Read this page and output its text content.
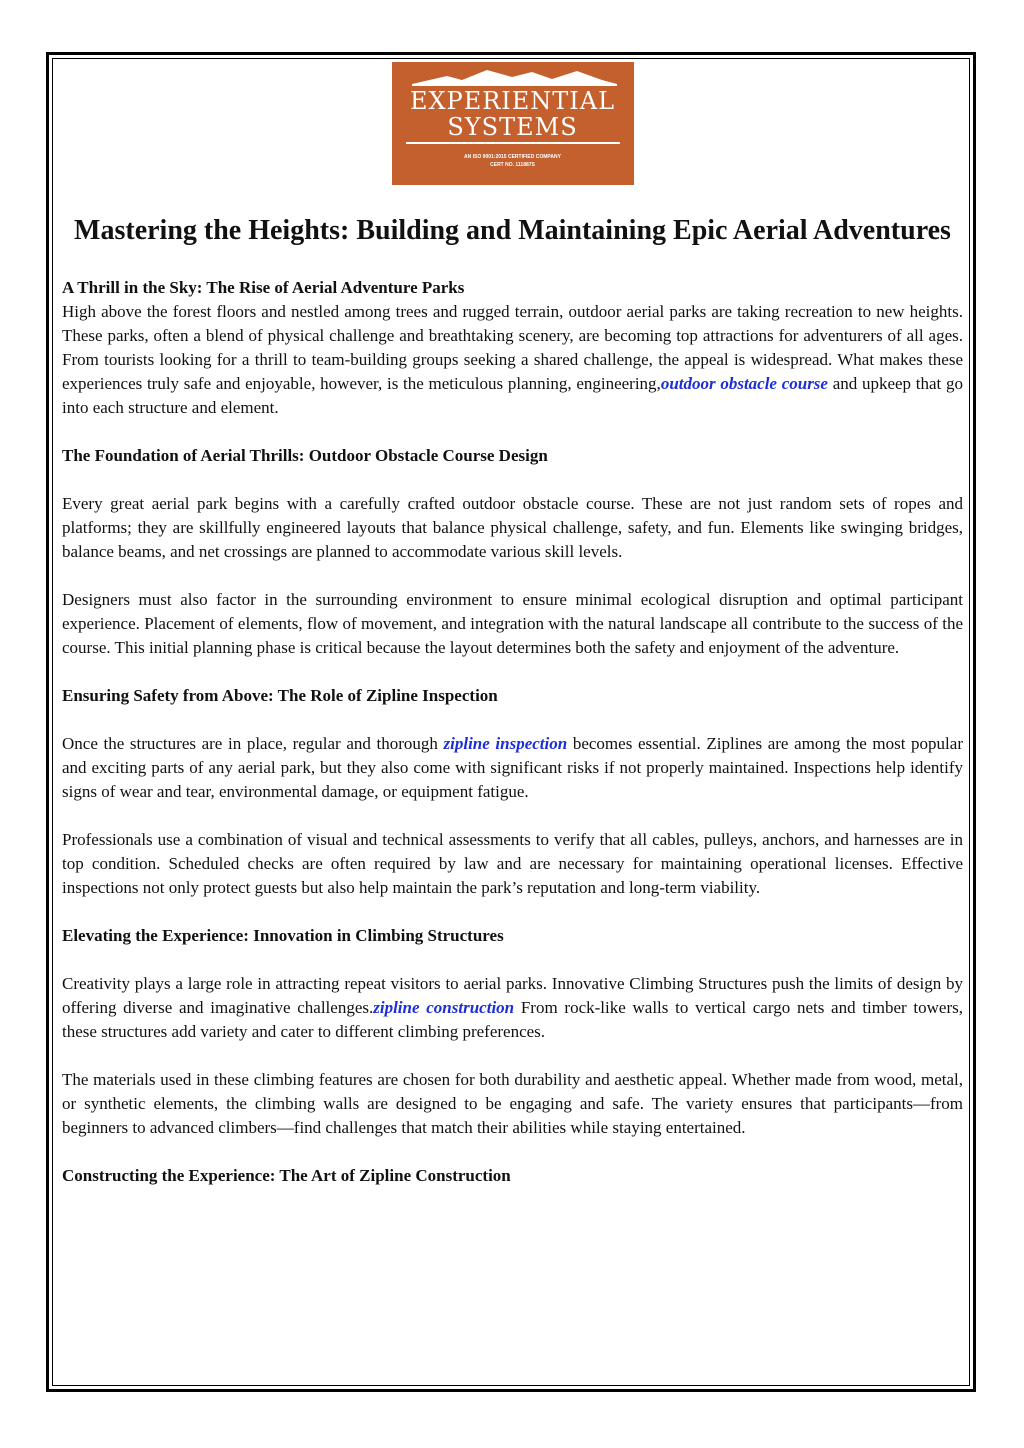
EXPERIENTIAL
SYSTEMS
AN ISO 9001:2015 CERTIFIED COMPANY
CERT NO. 111887S
Mastering the Heights: Building and Maintaining Epic Aerial Adventures
A Thrill in the Sky: The Rise of Aerial Adventure Parks

High above the forest floors and nestled among trees and rugged terrain, outdoor aerial parks are taking recreation to new heights. These parks, often a blend of physical challenge and breathtaking scenery, are becoming top attractions for adventurers of all ages. From tourists looking for a thrill to team-building groups seeking a shared challenge, the appeal is widespread. What makes these experiences truly safe and enjoyable, however, is the meticulous planning, engineering,outdoor obstacle course and upkeep that go into each structure and element.

The Foundation of Aerial Thrills: Outdoor Obstacle Course Design

Every great aerial park begins with a carefully crafted outdoor obstacle course. These are not just random sets of ropes and platforms; they are skillfully engineered layouts that balance physical challenge, safety, and fun. Elements like swinging bridges, balance beams, and net crossings are planned to accommodate various skill levels.

Designers must also factor in the surrounding environment to ensure minimal ecological disruption and optimal participant experience. Placement of elements, flow of movement, and integration with the natural landscape all contribute to the success of the course. This initial planning phase is critical because the layout determines both the safety and enjoyment of the adventure.

Ensuring Safety from Above: The Role of Zipline Inspection

Once the structures are in place, regular and thorough zipline inspection becomes essential. Ziplines are among the most popular and exciting parts of any aerial park, but they also come with significant risks if not properly maintained. Inspections help identify signs of wear and tear, environmental damage, or equipment fatigue.

Professionals use a combination of visual and technical assessments to verify that all cables, pulleys, anchors, and harnesses are in top condition. Scheduled checks are often required by law and are necessary for maintaining operational licenses. Effective inspections not only protect guests but also help maintain the park’s reputation and long-term viability.

Elevating the Experience: Innovation in Climbing Structures

Creativity plays a large role in attracting repeat visitors to aerial parks. Innovative Climbing Structures push the limits of design by offering diverse and imaginative challenges.zipline construction From rock-like walls to vertical cargo nets and timber towers, these structures add variety and cater to different climbing preferences.

The materials used in these climbing features are chosen for both durability and aesthetic appeal. Whether made from wood, metal, or synthetic elements, the climbing walls are designed to be engaging and safe. The variety ensures that participants—from beginners to advanced climbers—find challenges that match their abilities while staying entertained.

Constructing the Experience: The Art of Zipline Construction
